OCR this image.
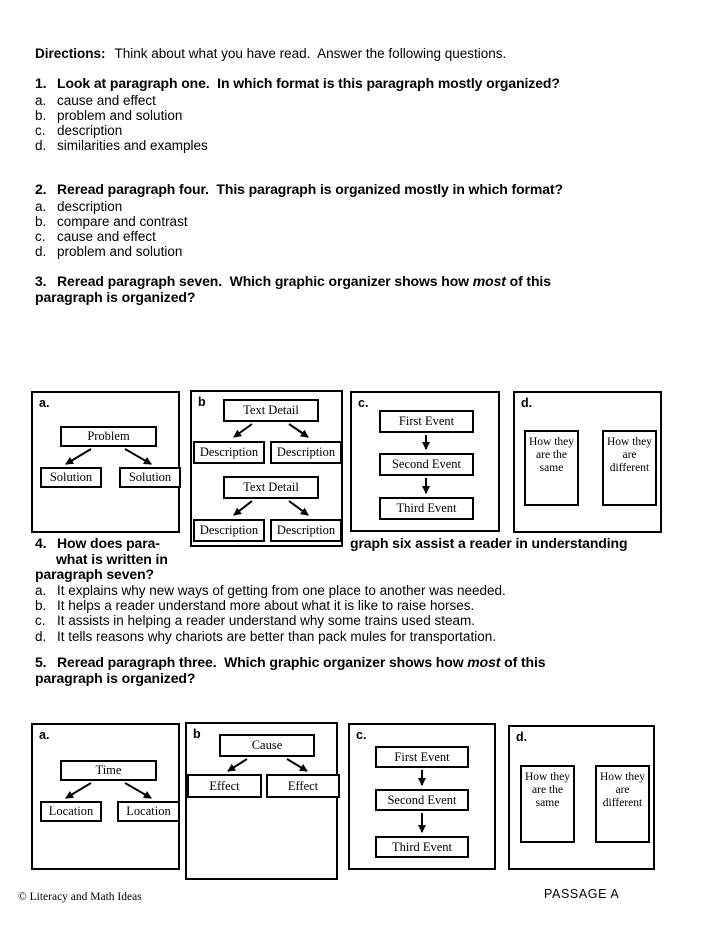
Directions: Think about what you have read.  Answer the following questions.
1. Look at paragraph one.  In which format is this paragraph mostly organized?
a. cause and effect
b. problem and solution
c. description
d. similarities and examples
2. Reread paragraph four.  This paragraph is organized mostly in which format?
a. description
b. compare and contrast
c. cause and effect
d. problem and solution
3. Reread paragraph seven.  Which graphic organizer shows how most of this
paragraph is organized?
a.
Problem
Solution	Solution
b
Text Detail
Description	Description
Text Detail
Description	Description
c.
First Event
Second Event
Third Event
d.
How they are the same
How they are different
4. How does para-	graph six assist a reader in understanding
what is written in
paragraph seven?
a. It explains why new ways of getting from one place to another was needed.
b. It helps a reader understand more about what it is like to raise horses.
c. It assists in helping a reader understand why some trains used steam.
d. It tells reasons why chariots are better than pack mules for transportation.
5. Reread paragraph three.  Which graphic organizer shows how most of this
paragraph is organized?
a.
Time
Location	Location
b
Cause
Effect	Effect
c.
First Event
Second Event
Third Event
d.
How they are the same
How they are different
© Literacy and Math Ideas	PASSAGE A
